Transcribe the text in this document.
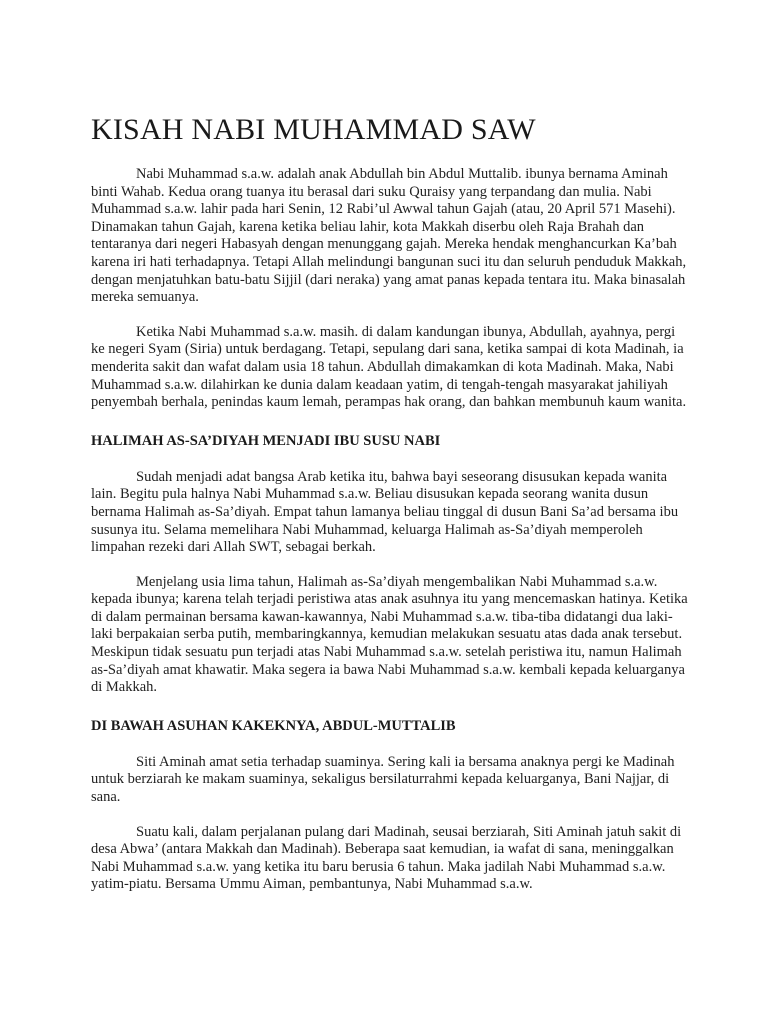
KISAH NABI MUHAMMAD SAW

Nabi Muhammad s.a.w. adalah anak Abdullah bin Abdul Muttalib. ibunya bernama Aminah binti Wahab. Kedua orang tuanya itu berasal dari suku Quraisy yang terpandang dan mulia. Nabi Muhammad s.a.w. lahir pada hari Senin, 12 Rabi’ul Awwal tahun Gajah (atau, 20 April 571 Masehi). Dinamakan tahun Gajah, karena ketika beliau lahir, kota Makkah diserbu oleh Raja Brahah dan tentaranya dari negeri Habasyah dengan menunggang gajah. Mereka hendak menghancurkan Ka’bah karena iri hati terhadapnya. Tetapi Allah melindungi bangunan suci itu dan seluruh penduduk Makkah, dengan menjatuhkan batu-batu Sijjil (dari neraka) yang amat panas kepada tentara itu. Maka binasalah mereka semuanya.

Ketika Nabi Muhammad s.a.w. masih. di dalam kandungan ibunya, Abdullah, ayahnya, pergi ke negeri Syam (Siria) untuk berdagang. Tetapi, sepulang dari sana, ketika sampai di kota Madinah, ia menderita sakit dan wafat dalam usia 18 tahun. Abdullah dimakamkan di kota Madinah. Maka, Nabi Muhammad s.a.w. dilahirkan ke dunia dalam keadaan yatim, di tengah-tengah masyarakat jahiliyah penyembah berhala, penindas kaum lemah, perampas hak orang, dan bahkan membunuh kaum wanita.

HALIMAH AS-SA’DIYAH MENJADI IBU SUSU NABI

Sudah menjadi adat bangsa Arab ketika itu, bahwa bayi seseorang disusukan kepada wanita lain. Begitu pula halnya Nabi Muhammad s.a.w. Beliau disusukan kepada seorang wanita dusun bernama Halimah as-Sa’diyah. Empat tahun lamanya beliau tinggal di dusun Bani Sa’ad bersama ibu susunya itu. Selama memelihara Nabi Muhammad, keluarga Halimah as-Sa’diyah memperoleh limpahan rezeki dari Allah SWT, sebagai berkah.

Menjelang usia lima tahun, Halimah as-Sa’diyah mengembalikan Nabi Muhammad s.a.w. kepada ibunya; karena telah terjadi peristiwa atas anak asuhnya itu yang mencemaskan hatinya. Ketika di dalam permainan bersama kawan-kawannya, Nabi Muhammad s.a.w. tiba-tiba didatangi dua laki-laki berpakaian serba putih, membaringkannya, kemudian melakukan sesuatu atas dada anak tersebut. Meskipun tidak sesuatu pun terjadi atas Nabi Muhammad s.a.w. setelah peristiwa itu, namun Halimah as-Sa’diyah amat khawatir. Maka segera ia bawa Nabi Muhammad s.a.w. kembali kepada keluarganya di Makkah.

DI BAWAH ASUHAN KAKEKNYA, ABDUL-MUTTALIB

Siti Aminah amat setia terhadap suaminya. Sering kali ia bersama anaknya pergi ke Madinah untuk berziarah ke makam suaminya, sekaligus bersilaturrahmi kepada keluarganya, Bani Najjar, di sana.

Suatu kali, dalam perjalanan pulang dari Madinah, seusai berziarah, Siti Aminah jatuh sakit di desa Abwa’ (antara Makkah dan Madinah). Beberapa saat kemudian, ia wafat di sana, meninggalkan Nabi Muhammad s.a.w. yang ketika itu baru berusia 6 tahun. Maka jadilah Nabi Muhammad s.a.w. yatim-piatu. Bersama Ummu Aiman, pembantunya, Nabi Muhammad s.a.w.
